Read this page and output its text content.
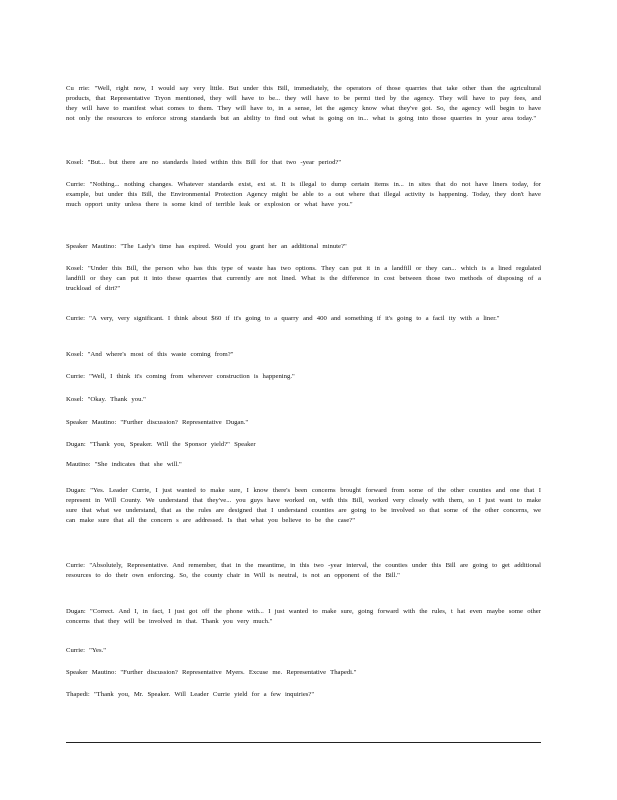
Cu rrie: "Well, right now, I would say very little. But under this Bill, immediately, the operators of those quarries that take other than the agricultural products, that Representative Tryon mentioned, they will have to be... they will have to be permi tted by the agency. They will have to pay fees, and they will have to manifest what comes to them. They will have to, in a sense, let the agency know what they've got. So, the agency will begin to have not only the resources to enforce strong standards but an ability to find out what is going on in... what is going into those quarries in your area today."

Kosel: "But... but there are no standards listed within this Bill for that two -year period?"

Currie: "Nothing... nothing changes. Whatever standards exist, exi st. It is illegal to dump certain items in... in sites that do not have liners today, for example, but under this Bill, the Environmental Protection Agency might be able to a out where that illegal activity is happening. Today, they don't have much opport unity unless there is some kind of terrible leak or explosion or what have you."

Speaker Mautino: "The Lady's time has expired. Would you grant her an additional minute?"

Kosel: "Under this Bill, the person who has this type of waste has two options. They can put it in a landfill or they can... which is a lined regulated landfill or they can put it into these quarries that currently are not lined. What is the difference in cost between those two methods of disposing of a truckload of dirt?"

Currie: "A very, very significant. I think about $60 if it's going to a quarry and 400 and something if it's going to a facil ity with a liner."

Kosel: "And where's most of this waste coming from?"

Currie: "Well, I think it's coming from wherever construction is happening."

Kosel: "Okay. Thank you."

Speaker Mautino: "Further discussion? Representative Dugan."

Dugan: "Thank you, Speaker. Will the Sponsor yield?" Speaker

Mautino: "She indicates that she will."

Dugan: "Yes. Leader Currie, I just wanted to make sure, I know there's been concerns brought forward from some of the other counties and one that I represent in Will County. We understand that they've... you guys have worked on, with this Bill, worked very closely with them, so I just want to make sure that what we understand, that as the rules are designed that I understand counties are going to be involved so that some of the other concerns, we can make sure that all the concern s are addressed. Is that what you believe to be the case?"

Currie: "Absolutely, Representative. And remember, that in the meantime, in this two -year interval, the counties under this Bill are going to get additional resources to do their own enforcing. So, the county chair in Will is neutral, is not an opponent of the Bill."

Dugan: "Correct. And I, in fact, I just got off the phone with... I just wanted to make sure, going forward with the rules, t hat even maybe some other concerns that they will be involved in that. Thank you very much."

Currie: "Yes."

Speaker Mautino: "Further discussion? Representative Myers. Excuse me. Representative Thapedi."

Thapedi: "Thank you, Mr. Speaker. Will Leader Currie yield for a few inquiries?"
